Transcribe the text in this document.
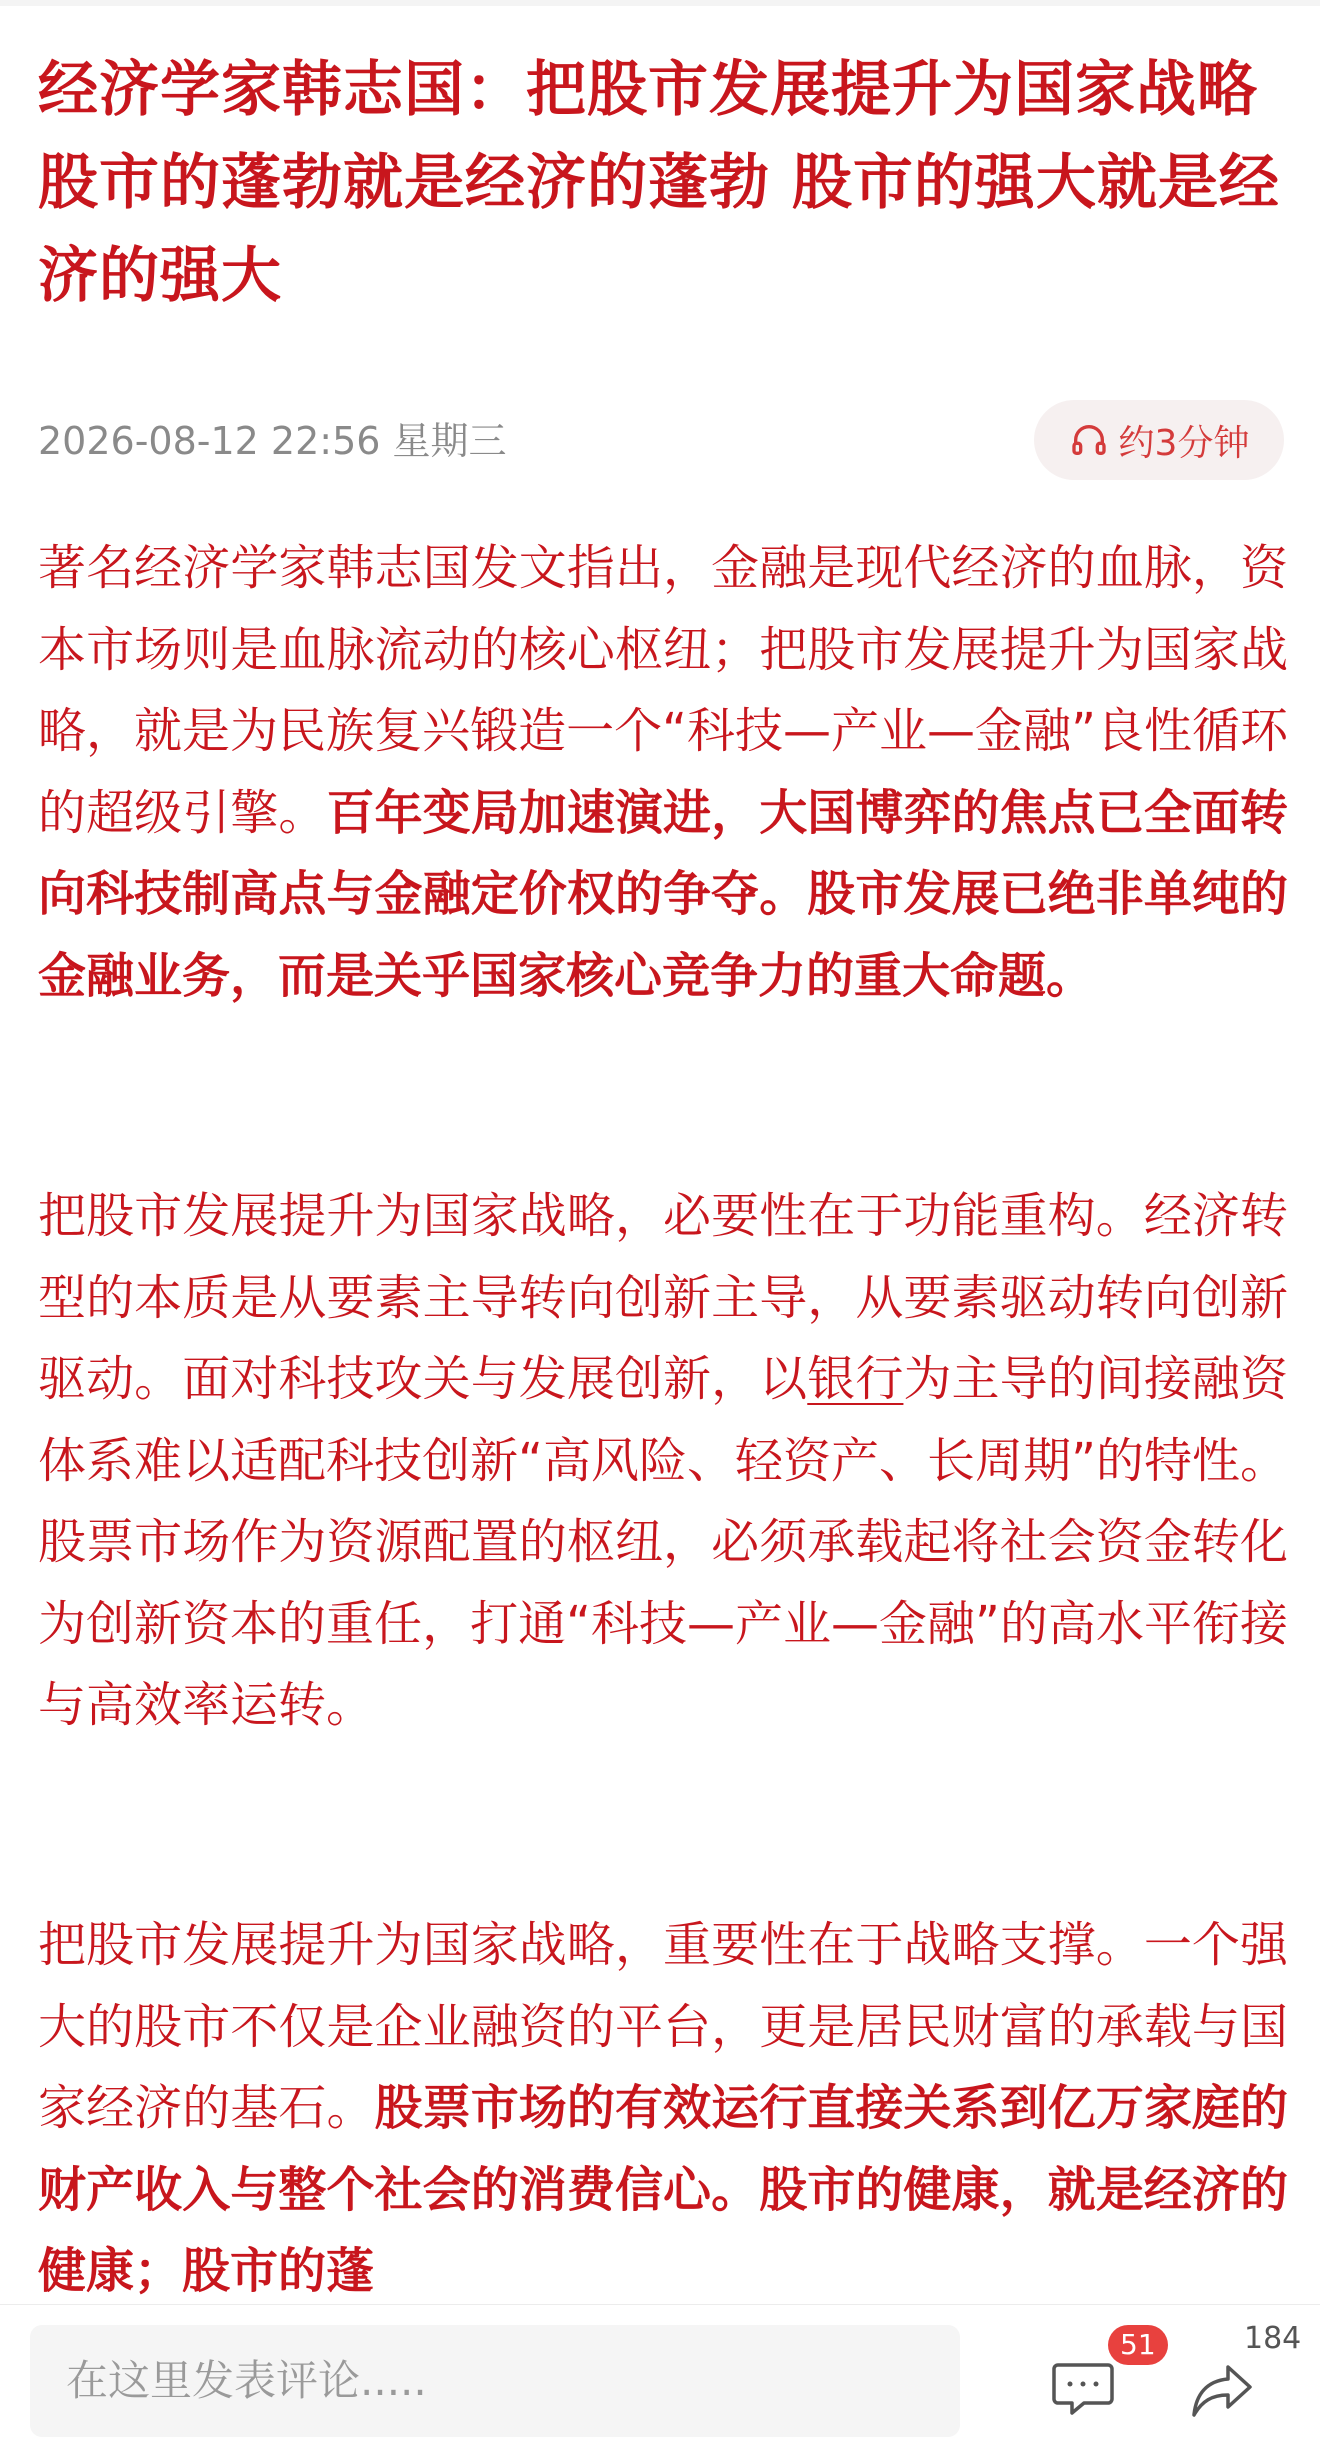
经济学家韩志国：把股市发展提升为国家战略 股市的蓬勃就是经济的蓬勃 股市的强大就是经济的强大
2026-08-12 22:56 星期三	约3分钟

著名经济学家韩志国发文指出，金融是现代经济的血脉，资本市场则是血脉流动的核心枢纽；把股市发展提升为国家战略，就是为民族复兴锻造一个“科技—产业—金融”良性循环的超级引擎。百年变局加速演进，大国博弈的焦点已全面转向科技制高点与金融定价权的争夺。股市发展已绝非单纯的金融业务，而是关乎国家核心竞争力的重大命题。

把股市发展提升为国家战略，必要性在于功能重构。经济转型的本质是从要素主导转向创新主导，从要素驱动转向创新驱动。面对科技攻关与发展创新，以银行为主导的间接融资体系难以适配科技创新“高风险、轻资产、长周期”的特性。股票市场作为资源配置的枢纽，必须承载起将社会资金转化为创新资本的重任，打通“科技—产业—金融”的高水平衔接与高效率运转。

把股市发展提升为国家战略，重要性在于战略支撑。一个强大的股市不仅是企业融资的平台，更是居民财富的承载与国家经济的基石。股票市场的有效运行直接关系到亿万家庭的财产收入与整个社会的消费信心。股市的健康，就是经济的健康；股市的蓬

在这里发表评论.....
51	184
